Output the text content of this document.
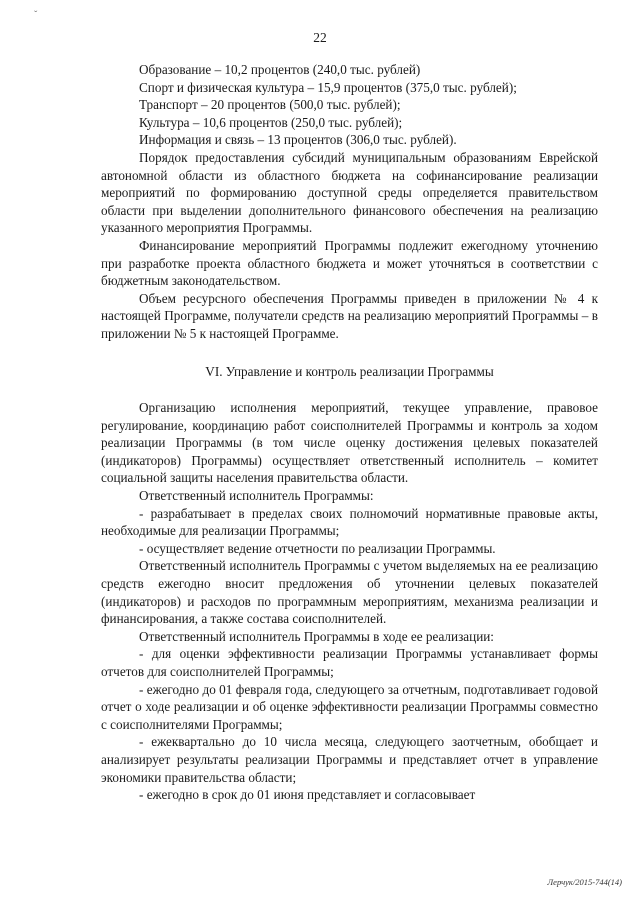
ˇ
22

Образование – 10,2 процентов (240,0 тыс. рублей)

Спорт и физическая культура – 15,9 процентов (375,0 тыс. рублей);

Транспорт – 20 процентов (500,0 тыс. рублей);

Культура – 10,6 процентов (250,0 тыс. рублей);

Информация и связь – 13 процентов (306,0 тыс. рублей).

Порядок предоставления субсидий муниципальным образованиям Еврейской автономной области из областного бюджета на софинансирование реализации мероприятий по формированию доступной среды определяется правительством области при выделении дополнительного финансового обеспечения на реализацию указанного мероприятия Программы.

Финансирование мероприятий Программы подлежит ежегодному уточнению при разработке проекта областного бюджета и может уточняться в соответствии с бюджетным законодательством.

Объем ресурсного обеспечения Программы приведен в приложении № 4 к настоящей Программе, получатели средств на реализацию мероприятий Программы – в приложении № 5 к настоящей Программе.

VI. Управление и контроль реализации Программы

Организацию исполнения мероприятий, текущее управление, правовое регулирование, координацию работ соисполнителей Программы и контроль за ходом реализации Программы (в том числе оценку достижения целевых показателей (индикаторов) Программы) осуществляет ответственный исполнитель – комитет социальной защиты населения правительства области.

Ответственный исполнитель Программы:

- разрабатывает в пределах своих полномочий нормативные правовые акты, необходимые для реализации Программы;

- осуществляет ведение отчетности по реализации Программы.

Ответственный исполнитель Программы с учетом выделяемых на ее реализацию средств ежегодно вносит предложения об уточнении целевых показателей (индикаторов) и расходов по программным мероприятиям, механизма реализации и финансирования, а также состава соисполнителей.

Ответственный исполнитель Программы в ходе ее реализации:

- для оценки эффективности реализации Программы устанавливает формы отчетов для соисполнителей Программы;

- ежегодно до 01 февраля года, следующего за отчетным, подготавливает годовой отчет о ходе реализации и об оценке эффективности реализации Программы совместно с соисполнителями Программы;

- ежеквартально до 10 числа месяца, следующего заотчетным, обобщает и анализирует результаты реализации Программы и представляет отчет в управление экономики правительства области;

- ежегодно в срок до 01 июня представляет и согласовывает

Лерчук/2015-744(14)
